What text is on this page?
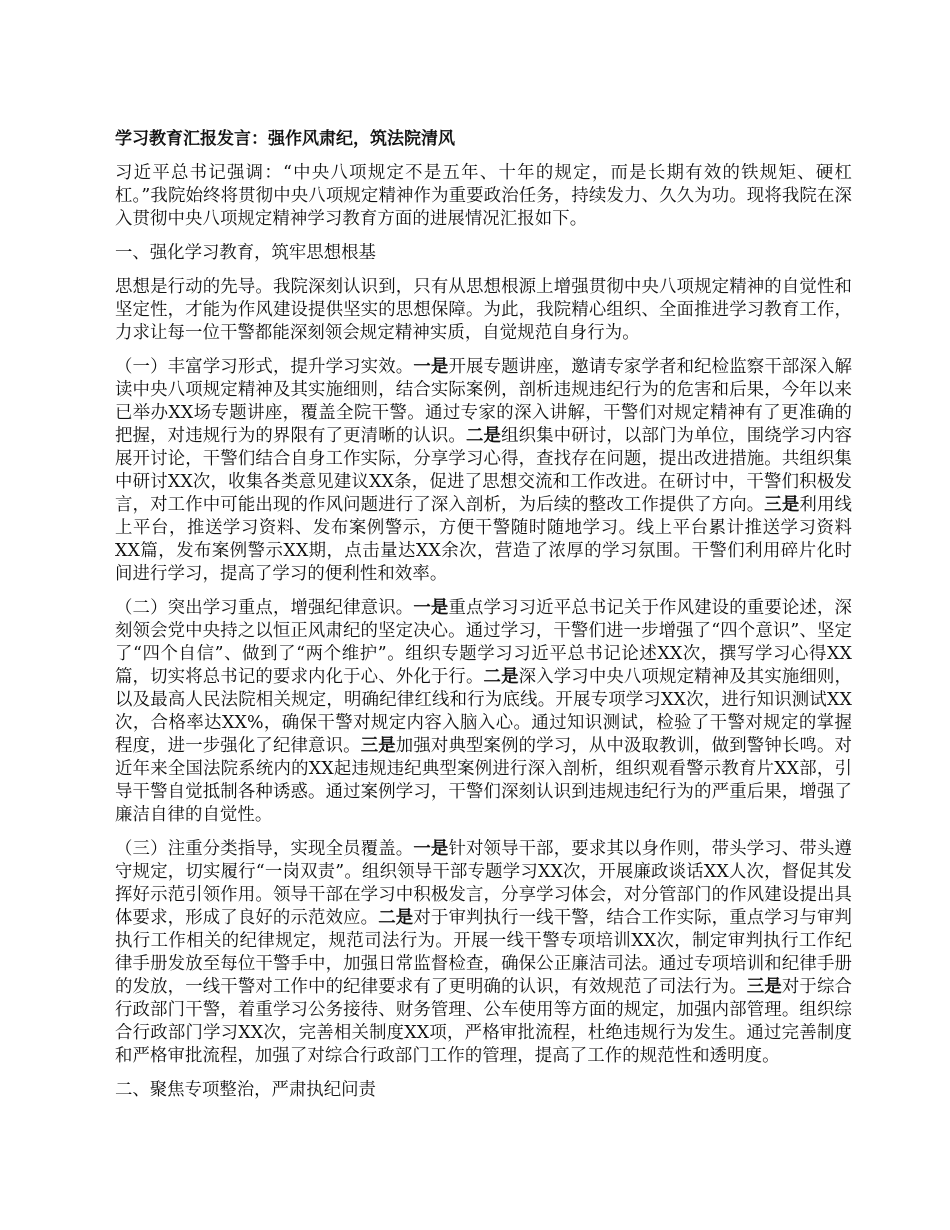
学习教育汇报发言：强作风肃纪，筑法院清风
习近平总书记强调：“中央八项规定不是五年、十年的规定，而是长期有效的铁规矩、硬杠杠。”我院始终将贯彻中央八项规定精神作为重要政治任务，持续发力、久久为功。现将我院在深入贯彻中央八项规定精神学习教育方面的进展情况汇报如下。
一、强化学习教育，筑牢思想根基
思想是行动的先导。我院深刻认识到，只有从思想根源上增强贯彻中央八项规定精神的自觉性和坚定性，才能为作风建设提供坚实的思想保障。为此，我院精心组织、全面推进学习教育工作，力求让每一位干警都能深刻领会规定精神实质，自觉规范自身行为。
（一）丰富学习形式，提升学习实效。一是开展专题讲座，邀请专家学者和纪检监察干部深入解读中央八项规定精神及其实施细则，结合实际案例，剖析违规违纪行为的危害和后果，今年以来已举办XX场专题讲座，覆盖全院干警。通过专家的深入讲解，干警们对规定精神有了更准确的把握，对违规行为的界限有了更清晰的认识。二是组织集中研讨，以部门为单位，围绕学习内容展开讨论，干警们结合自身工作实际，分享学习心得，查找存在问题，提出改进措施。共组织集中研讨XX次，收集各类意见建议XX条，促进了思想交流和工作改进。在研讨中，干警们积极发言，对工作中可能出现的作风问题进行了深入剖析，为后续的整改工作提供了方向。三是利用线上平台，推送学习资料、发布案例警示，方便干警随时随地学习。线上平台累计推送学习资料XX篇，发布案例警示XX期，点击量达XX余次，营造了浓厚的学习氛围。干警们利用碎片化时间进行学习，提高了学习的便利性和效率。
（二）突出学习重点，增强纪律意识。一是重点学习习近平总书记关于作风建设的重要论述，深刻领会党中央持之以恒正风肃纪的坚定决心。通过学习，干警们进一步增强了“四个意识”、坚定了“四个自信”、做到了“两个维护”。组织专题学习习近平总书记论述XX次，撰写学习心得XX篇，切实将总书记的要求内化于心、外化于行。二是深入学习中央八项规定精神及其实施细则，以及最高人民法院相关规定，明确纪律红线和行为底线。开展专项学习XX次，进行知识测试XX次，合格率达XX%，确保干警对规定内容入脑入心。通过知识测试，检验了干警对规定的掌握程度，进一步强化了纪律意识。三是加强对典型案例的学习，从中汲取教训，做到警钟长鸣。对近年来全国法院系统内的XX起违规违纪典型案例进行深入剖析，组织观看警示教育片XX部，引导干警自觉抵制各种诱惑。通过案例学习，干警们深刻认识到违规违纪行为的严重后果，增强了廉洁自律的自觉性。
（三）注重分类指导，实现全员覆盖。一是针对领导干部，要求其以身作则，带头学习、带头遵守规定，切实履行“一岗双责”。组织领导干部专题学习XX次，开展廉政谈话XX人次，督促其发挥好示范引领作用。领导干部在学习中积极发言，分享学习体会，对分管部门的作风建设提出具体要求，形成了良好的示范效应。二是对于审判执行一线干警，结合工作实际，重点学习与审判执行工作相关的纪律规定，规范司法行为。开展一线干警专项培训XX次，制定审判执行工作纪律手册发放至每位干警手中，加强日常监督检查，确保公正廉洁司法。通过专项培训和纪律手册的发放，一线干警对工作中的纪律要求有了更明确的认识，有效规范了司法行为。三是对于综合行政部门干警，着重学习公务接待、财务管理、公车使用等方面的规定，加强内部管理。组织综合行政部门学习XX次，完善相关制度XX项，严格审批流程，杜绝违规行为发生。通过完善制度和严格审批流程，加强了对综合行政部门工作的管理，提高了工作的规范性和透明度。
二、聚焦专项整治，严肃执纪问责
